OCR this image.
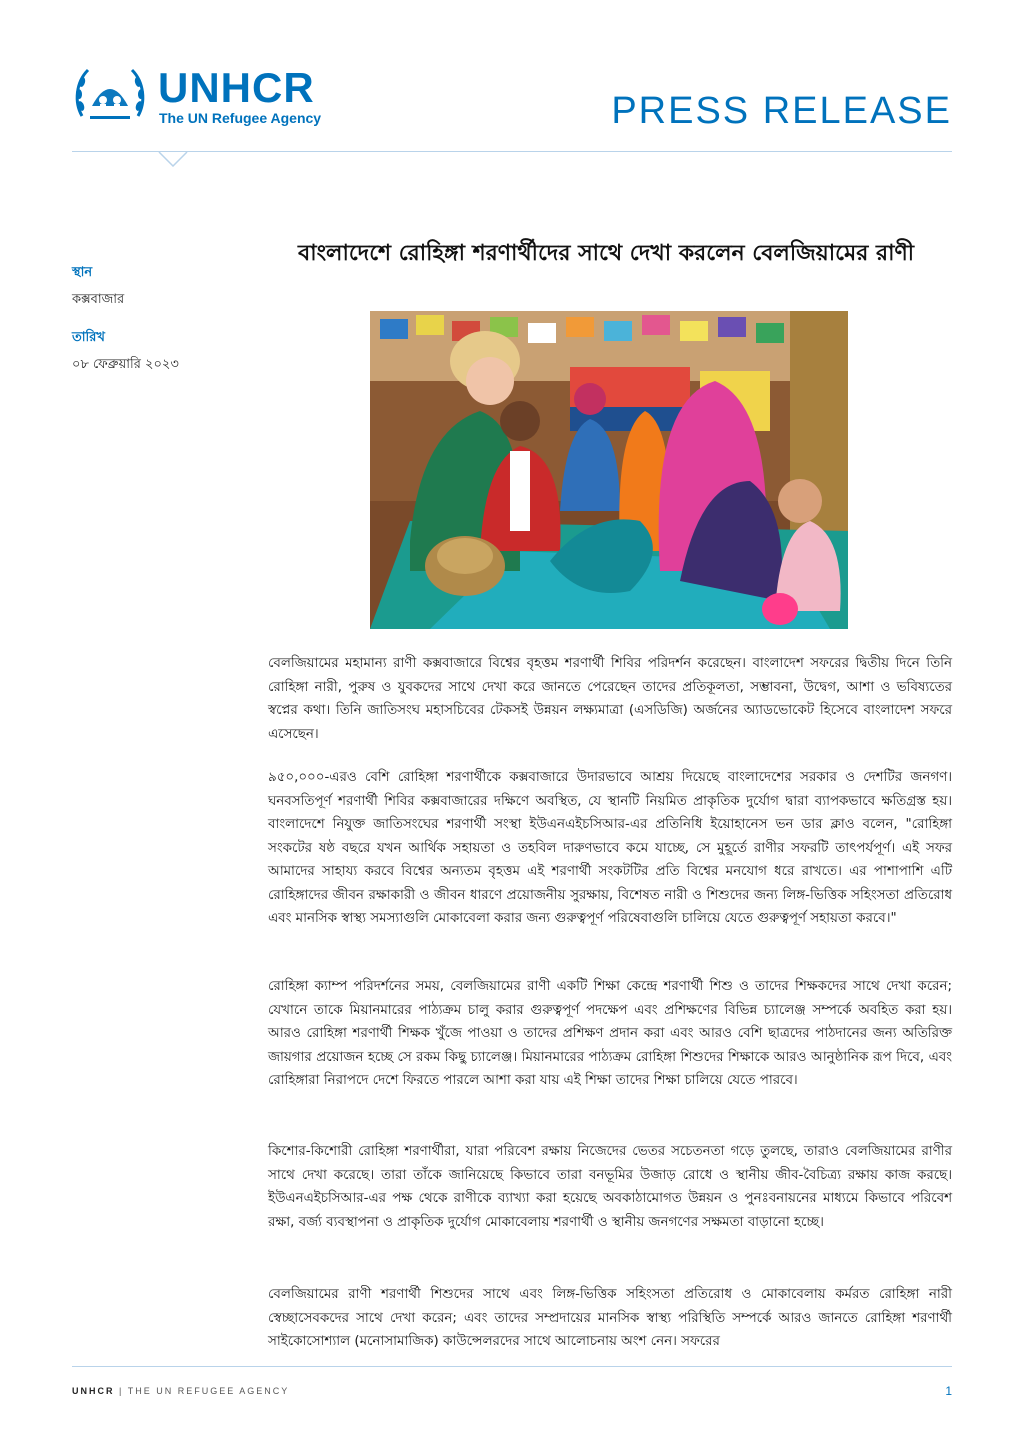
UNHCR
The UN Refugee Agency	PRESS RELEASE
বাংলাদেশে রোহিঙ্গা শরণার্থীদের সাথে দেখা করলেন বেলজিয়ামের রাণী
স্থান
কক্সবাজার
তারিখ
০৮ ফেব্রুয়ারি ২০২৩

বেলজিয়ামের মহামান্য রাণী কক্সবাজারে বিশ্বের বৃহত্তম শরণার্থী শিবির পরিদর্শন করেছেন। বাংলাদেশ সফরের দ্বিতীয় দিনে তিনি রোহিঙ্গা নারী, পুরুষ ও যুবকদের সাথে দেখা করে জানতে পেরেছেন তাদের প্রতিকূলতা, সম্ভাবনা, উদ্বেগ, আশা ও ভবিষ্যতের স্বপ্নের কথা। তিনি জাতিসংঘ মহাসচিবের টেকসই উন্নয়ন লক্ষ্যমাত্রা (এসডিজি) অর্জনের অ্যাডভোকেট হিসেবে বাংলাদেশ সফরে এসেছেন।

৯৫০,০০০-এরও বেশি রোহিঙ্গা শরণার্থীকে কক্সবাজারে উদারভাবে আশ্রয় দিয়েছে বাংলাদেশের সরকার ও দেশটির জনগণ। ঘনবসতিপূর্ণ শরণার্থী শিবির কক্সবাজারের দক্ষিণে অবস্থিত, যে স্থানটি নিয়মিত প্রাকৃতিক দুর্যোগ দ্বারা ব্যাপকভাবে ক্ষতিগ্রস্ত হয়। বাংলাদেশে নিযুক্ত জাতিসংঘের শরণার্থী সংস্থা ইউএনএইচসিআর-এর প্রতিনিধি ইয়োহানেস ভন ডার ক্লাও বলেন, "রোহিঙ্গা সংকটের ষষ্ঠ বছরে যখন আর্থিক সহায়তা ও তহবিল দারুণভাবে কমে যাচ্ছে, সে মুহূর্তে রাণীর সফরটি তাৎপর্যপূর্ণ। এই সফর আমাদের সাহায্য করবে বিশ্বের অন্যতম বৃহত্তম এই শরণার্থী সংকটটির প্রতি বিশ্বের মনযোগ ধরে রাখতে। এর পাশাপাশি এটি রোহিঙ্গাদের জীবন রক্ষাকারী ও জীবন ধারণে প্রয়োজনীয় সুরক্ষায়, বিশেষত নারী ও শিশুদের জন্য লিঙ্গ-ভিত্তিক সহিংসতা প্রতিরোধ এবং মানসিক স্বাস্থ্য সমস্যাগুলি মোকাবেলা করার জন্য গুরুত্বপূর্ণ পরিষেবাগুলি চালিয়ে যেতে গুরুত্বপূর্ণ সহায়তা করবে।"

রোহিঙ্গা ক্যাম্প পরিদর্শনের সময়, বেলজিয়ামের রাণী একটি শিক্ষা কেন্দ্রে শরণার্থী শিশু ও তাদের শিক্ষকদের সাথে দেখা করেন; যেখানে তাকে মিয়ানমারের পাঠ্যক্রম চালু করার গুরুত্বপূর্ণ পদক্ষেপ এবং প্রশিক্ষণের বিভিন্ন চ্যালেঞ্জ সম্পর্কে অবহিত করা হয়। আরও রোহিঙ্গা শরণার্থী শিক্ষক খুঁজে পাওয়া ও তাদের প্রশিক্ষণ প্রদান করা এবং আরও বেশি ছাত্রদের পাঠদানের জন্য অতিরিক্ত জায়গার প্রয়োজন হচ্ছে সে রকম কিছু চ্যালেঞ্জ। মিয়ানমারের পাঠ্যক্রম রোহিঙ্গা শিশুদের শিক্ষাকে আরও আনুষ্ঠানিক রূপ দিবে, এবং রোহিঙ্গারা নিরাপদে দেশে ফিরতে পারলে আশা করা যায় এই শিক্ষা তাদের শিক্ষা চালিয়ে যেতে পারবে।

কিশোর-কিশোরী রোহিঙ্গা শরণার্থীরা, যারা পরিবেশ রক্ষায় নিজেদের ভেতর সচেতনতা গড়ে তুলছে, তারাও বেলজিয়ামের রাণীর সাথে দেখা করেছে। তারা তাঁকে জানিয়েছে কিভাবে তারা বনভূমির উজাড় রোধে ও স্থানীয় জীব-বৈচিত্র্য রক্ষায় কাজ করছে। ইউএনএইচসিআর-এর পক্ষ থেকে রাণীকে ব্যাখ্যা করা হয়েছে অবকাঠামোগত উন্নয়ন ও পুনঃবনায়নের মাধ্যমে কিভাবে পরিবেশ রক্ষা, বর্জ্য ব্যবস্থাপনা ও প্রাকৃতিক দুর্যোগ মোকাবেলায় শরণার্থী ও স্থানীয় জনগণের সক্ষমতা বাড়ানো হচ্ছে।

বেলজিয়ামের রাণী শরণার্থী শিশুদের সাথে এবং লিঙ্গ-ভিত্তিক সহিংসতা প্রতিরোধ ও মোকাবেলায় কর্মরত রোহিঙ্গা নারী স্বেচ্ছাসেবকদের সাথে দেখা করেন; এবং তাদের সম্প্রদায়ের মানসিক স্বাস্থ্য পরিস্থিতি সম্পর্কে আরও জানতে রোহিঙ্গা শরণার্থী সাইকোসোশ্যাল (মনোসামাজিক) কাউন্সেলরদের সাথে আলোচনায় অংশ নেন। সফরের

UNHCR | THE UN REFUGEE AGENCY	1
